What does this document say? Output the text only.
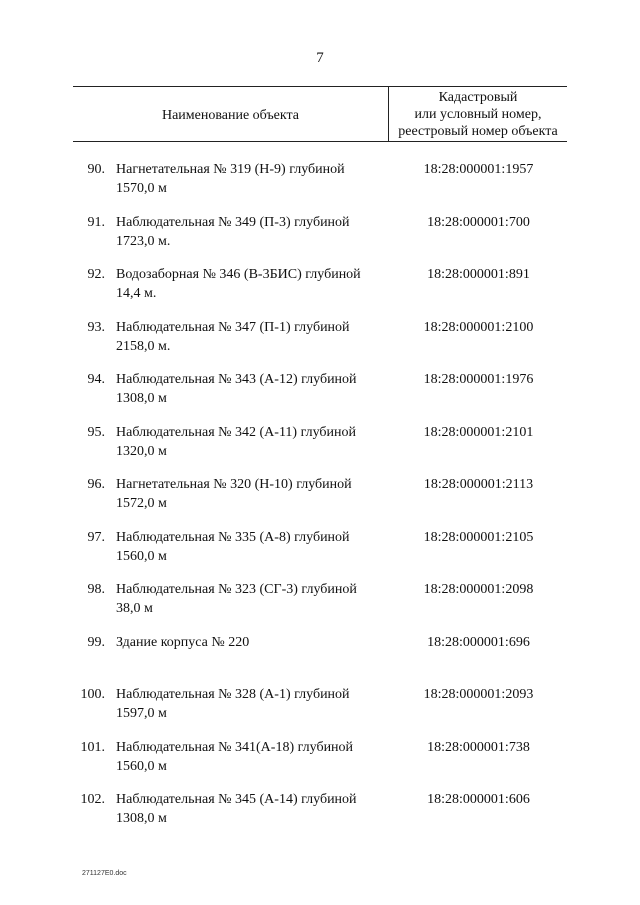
7
Наименование объекта
Кадастровый
или условный номер,
реестровый номер объекта
90. Нагнетательная № 319 (Н-9) глубиной
1570,0 м
18:28:000001:1957
91. Наблюдательная № 349 (П-3) глубиной
1723,0 м.
18:28:000001:700
92. Водозаборная № 346 (В-3БИС) глубиной
14,4 м.
18:28:000001:891
93. Наблюдательная № 347 (П-1) глубиной
2158,0 м.
18:28:000001:2100
94. Наблюдательная № 343 (А-12) глубиной
1308,0 м
18:28:000001:1976
95. Наблюдательная № 342 (А-11) глубиной
1320,0 м
18:28:000001:2101
96. Нагнетательная № 320 (Н-10) глубиной
1572,0 м
18:28:000001:2113
97. Наблюдательная № 335 (А-8) глубиной
1560,0 м
18:28:000001:2105
98. Наблюдательная № 323 (СГ-3) глубиной
38,0 м
18:28:000001:2098
99. Здание корпуса № 220	18:28:000001:696
100. Наблюдательная № 328 (А-1) глубиной
1597,0 м
18:28:000001:2093
101. Наблюдательная № 341(А-18) глубиной
1560,0 м
18:28:000001:738
102. Наблюдательная № 345 (А-14) глубиной
1308,0 м
18:28:000001:606
271127Е0.doc
